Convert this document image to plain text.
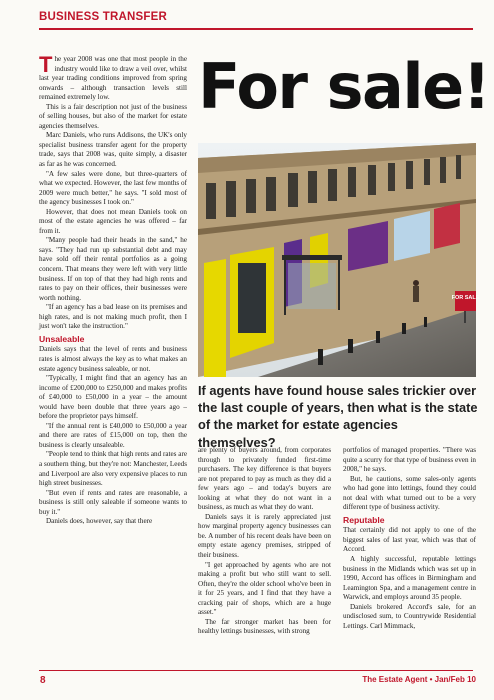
BUSINESS TRANSFER

The year 2008 was one that most people in the industry would like to draw a veil over, whilst last year trading conditions improved from spring onwards – although transaction levels still remained extremely low.

This is a fair description not just of the business of selling houses, but also of the market for estate agencies themselves.

Marc Daniels, who runs Addisons, the UK's only specialist business transfer agent for the property trade, says that 2008 was, quite simply, a disaster as far as he was concerned.

"A few sales were done, but three-quarters of what we expected. However, the last few months of 2009 were much better," he says. "I sold most of the agency businesses I took on."

However, that does not mean Daniels took on most of the estate agencies he was offered – far from it.

"Many people had their heads in the sand," he says. "They had run up substantial debt and may have sold off their rental portfolios as a going concern. That means they were left with very little business. If on top of that they had high rents and rates to pay on their offices, their businesses were worth nothing.

"If an agency has a bad lease on its premises and high rates, and is not making much profit, then I just won't take the instruction."

Unsaleable

Daniels says that the level of rents and business rates is almost always the key as to what makes an estate agency business saleable, or not.

"Typically, I might find that an agency has an income of £200,000 to £250,000 and makes profits of £40,000 to £50,000 in a year – the amount would have been double that three years ago – before the proprietor pays himself.

"If the annual rent is £40,000 to £50,000 a year and there are rates of £15,000 on top, then the business is clearly unsaleable.

"People tend to think that high rents and rates are a southern thing, but they're not: Manchester, Leeds and Liverpool are also very expensive places to run high street businesses.

"But even if rents and rates are reasonable, a business is still only saleable if someone wants to buy it."

Daniels does, however, say that there

For sale!
FOR SALE
If agents have found house sales trickier over the last couple of years, then what is the state of the market for estate agencies themselves?

are plenty of buyers around, from corporates through to privately funded first-time purchasers. The key difference is that buyers are not prepared to pay as much as they did a few years ago – and today's buyers are looking at what they do not want in a business, as much as what they do want.

Daniels says it is rarely appreciated just how marginal property agency businesses can be. A number of his recent deals have been on empty estate agency premises, stripped of their business.

"I get approached by agents who are not making a profit but who still want to sell. Often, they're the older school who've been in it for 25 years, and I find that they have a cracking pair of shops, which are a huge asset."

The far stronger market has been for healthy lettings businesses, with strong

portfolios of managed properties. "There was quite a scurry for that type of business even in 2008," he says.

But, he cautions, some sales-only agents who had gone into lettings, found they could not deal with what turned out to be a very different type of business activity.

Reputable

That certainly did not apply to one of the biggest sales of last year, which was that of Accord.

A highly successful, reputable lettings business in the Midlands which was set up in 1990, Accord has offices in Birmingham and Leamington Spa, and a management centre in Warwick, and employs around 35 people.

Daniels brokered Accord's sale, for an undisclosed sum, to Countrywide Residential Lettings. Carl Mimmack,

8	The Estate Agent • Jan/Feb 10
